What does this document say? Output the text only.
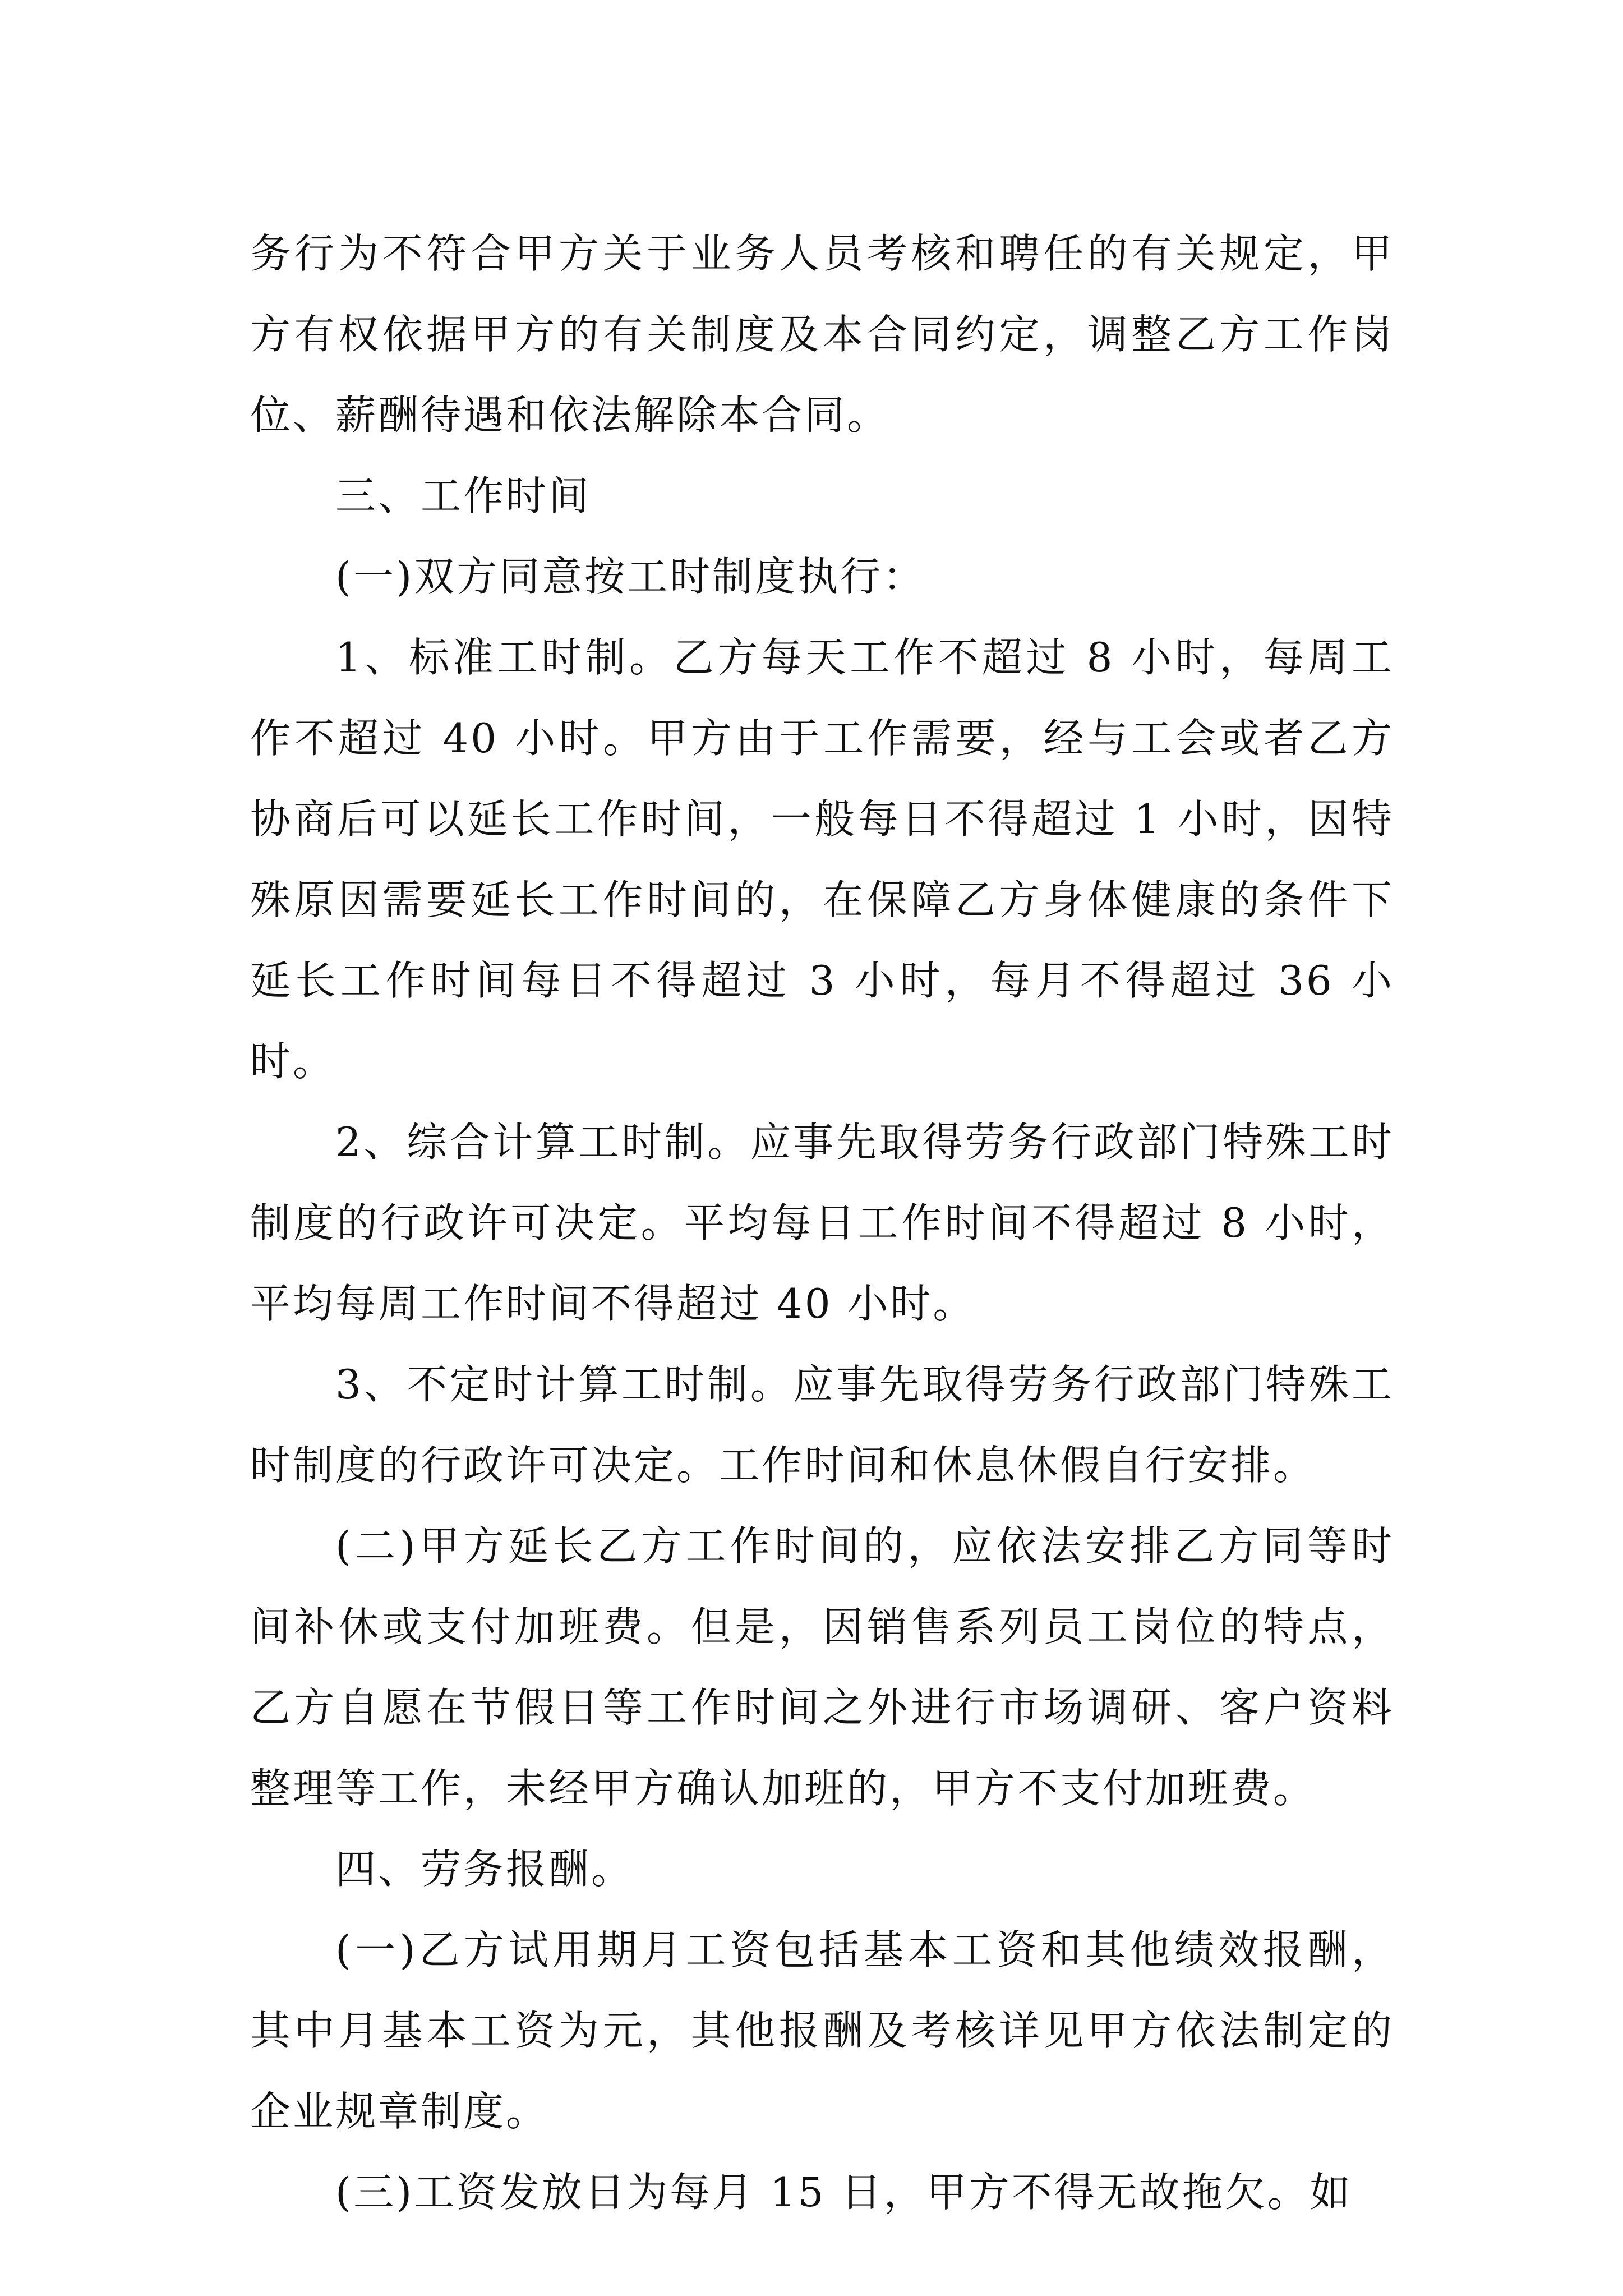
务行为不符合甲方关于业务人员考核和聘任的有关规定，甲方有权依据甲方的有关制度及本合同约定，调整乙方工作岗位、薪酬待遇和依法解除本合同。

三、工作时间

(一)双方同意按工时制度执行：

1、标准工时制。乙方每天工作不超过 8 小时，每周工作不超过 40 小时。甲方由于工作需要，经与工会或者乙方协商后可以延长工作时间，一般每日不得超过 1 小时，因特殊原因需要延长工作时间的，在保障乙方身体健康的条件下延长工作时间每日不得超过 3 小时，每月不得超过 36 小时。

2、综合计算工时制。应事先取得劳务行政部门特殊工时制度的行政许可决定。平均每日工作时间不得超过 8 小时，平均每周工作时间不得超过 40 小时。

3、不定时计算工时制。应事先取得劳务行政部门特殊工时制度的行政许可决定。工作时间和休息休假自行安排。

(二)甲方延长乙方工作时间的，应依法安排乙方同等时间补休或支付加班费。但是，因销售系列员工岗位的特点，乙方自愿在节假日等工作时间之外进行市场调研、客户资料整理等工作，未经甲方确认加班的，甲方不支付加班费。

四、劳务报酬。

(一)乙方试用期月工资包括基本工资和其他绩效报酬，其中月基本工资为元，其他报酬及考核详见甲方依法制定的企业规章制度。

(三)工资发放日为每月 15 日，甲方不得无故拖欠。如
